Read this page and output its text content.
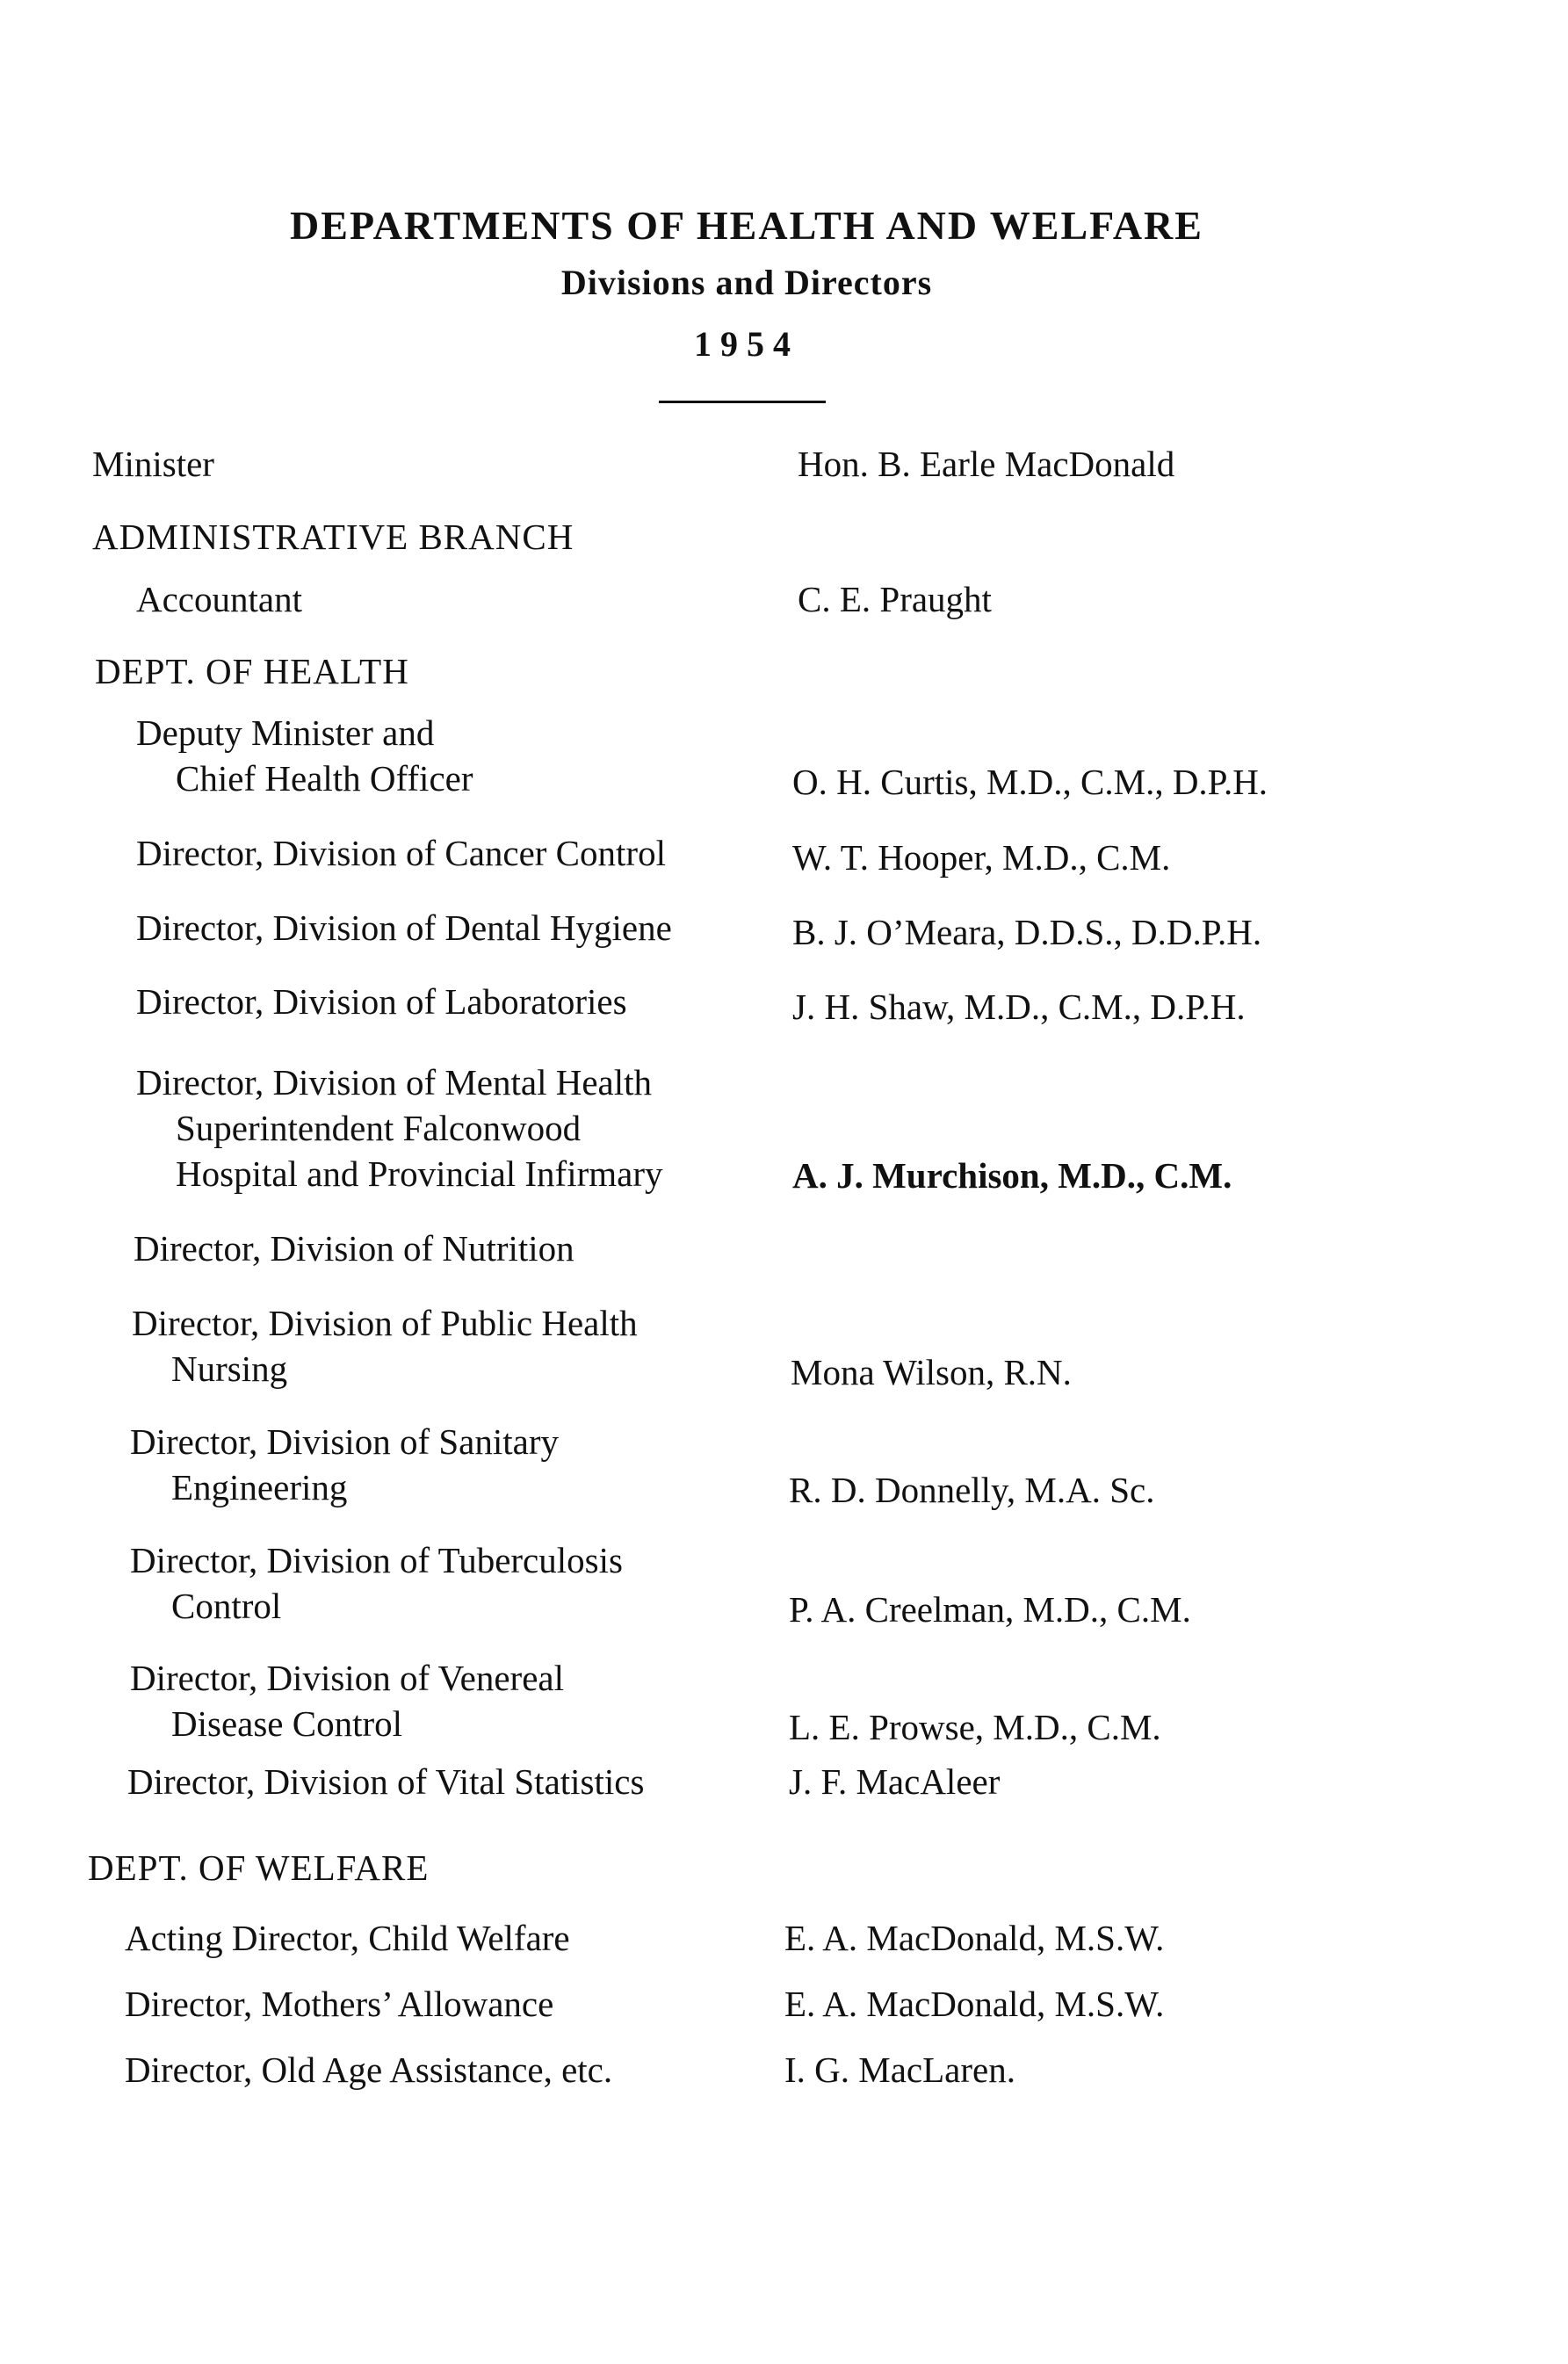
DEPARTMENTS OF HEALTH AND WELFARE
Divisions and Directors
1954
Minister	Hon. B. Earle MacDonald
ADMINISTRATIVE BRANCH
Accountant	C. E. Praught
DEPT. OF HEALTH
Deputy Minister and
Chief Health Officer	O. H. Curtis, M.D., C.M., D.P.H.
Director, Division of Cancer Control	W. T. Hooper, M.D., C.M.
Director, Division of Dental Hygiene	B. J. O’Meara, D.D.S., D.D.P.H.
Director, Division of Laboratories	J. H. Shaw, M.D., C.M., D.P.H.
Director, Division of Mental Health
Superintendent Falconwood
Hospital and Provincial Infirmary	A. J. Murchison, M.D., C.M.
Director, Division of Nutrition
Director, Division of Public Health
Nursing	Mona Wilson, R.N.
Director, Division of Sanitary
Engineering	R. D. Donnelly, M.A. Sc.
Director, Division of Tuberculosis
Control	P. A. Creelman, M.D., C.M.
Director, Division of Venereal
Disease Control	L. E. Prowse, M.D., C.M.
Director, Division of Vital Statistics	J. F. MacAleer
DEPT. OF WELFARE
Acting Director, Child Welfare	E. A. MacDonald, M.S.W.
Director, Mothers’ Allowance	E. A. MacDonald, M.S.W.
Director, Old Age Assistance, etc.	I. G. MacLaren.
